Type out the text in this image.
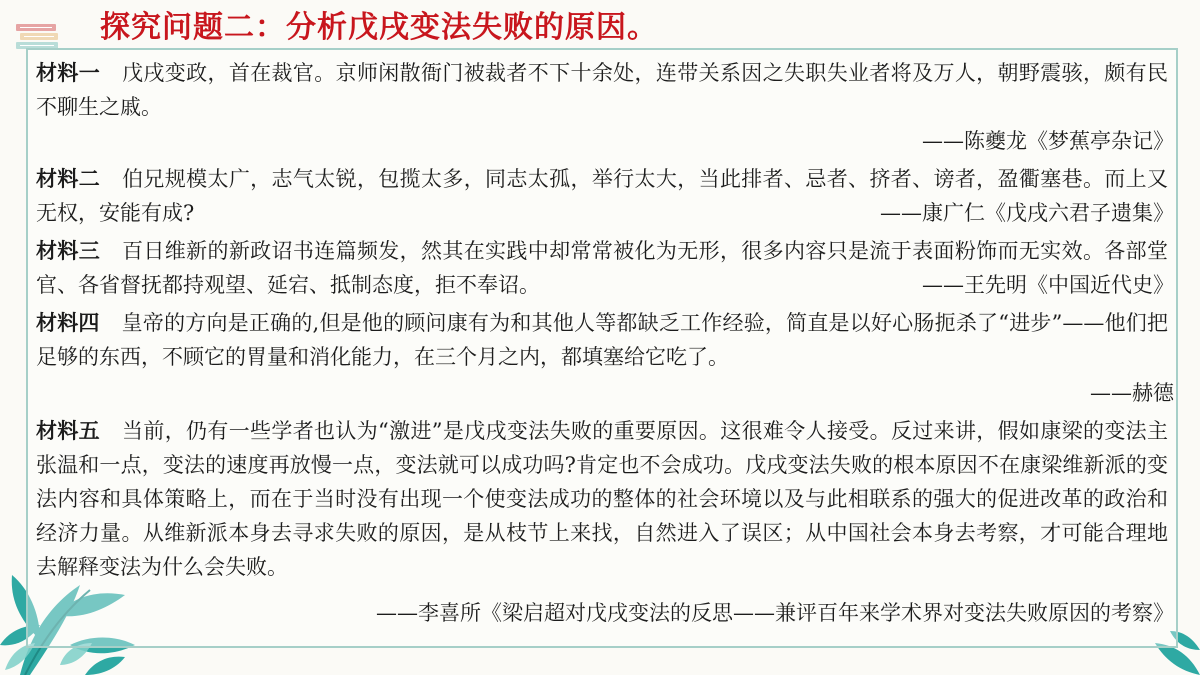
探究问题二：分析戊戌变法失败的原因。
材料一 戊戌变政，首在裁官。京师闲散衙门被裁者不下十余处，连带关系因之失职失业者将及万人，朝野震骇，颇有民不聊生之戚。
——陈夔龙《梦蕉亭杂记》
材料二 伯兄规模太广，志气太锐，包揽太多，同志太孤，举行太大，当此排者、忌者、挤者、谤者，盈衢塞巷。而上又无权，安能有成?	——康广仁《戊戌六君子遗集》
材料三 百日维新的新政诏书连篇频发，然其在实践中却常常被化为无形，很多内容只是流于表面粉饰而无实效。各部堂官、各省督抚都持观望、延宕、抵制态度，拒不奉诏。	——王先明《中国近代史》
材料四 皇帝的方向是正确的,但是他的顾问康有为和其他人等都缺乏工作经验，简直是以好心肠扼杀了“进步”——他们把足够的东西，不顾它的胃量和消化能力，在三个月之内，都填塞给它吃了。
——赫德
材料五 当前，仍有一些学者也认为“激进”是戊戌变法失败的重要原因。这很难令人接受。反过来讲，假如康梁的变法主张温和一点，变法的速度再放慢一点，变法就可以成功吗?肯定也不会成功。戊戌变法失败的根本原因不在康梁维新派的变法内容和具体策略上，而在于当时没有出现一个使变法成功的整体的社会环境以及与此相联系的强大的促进改革的政治和经济力量。从维新派本身去寻求失败的原因，是从枝节上来找，自然进入了误区；从中国社会本身去考察，才可能合理地去解释变法为什么会失败。
——李喜所《梁启超对戊戌变法的反思——兼评百年来学术界对变法失败原因的考察》
